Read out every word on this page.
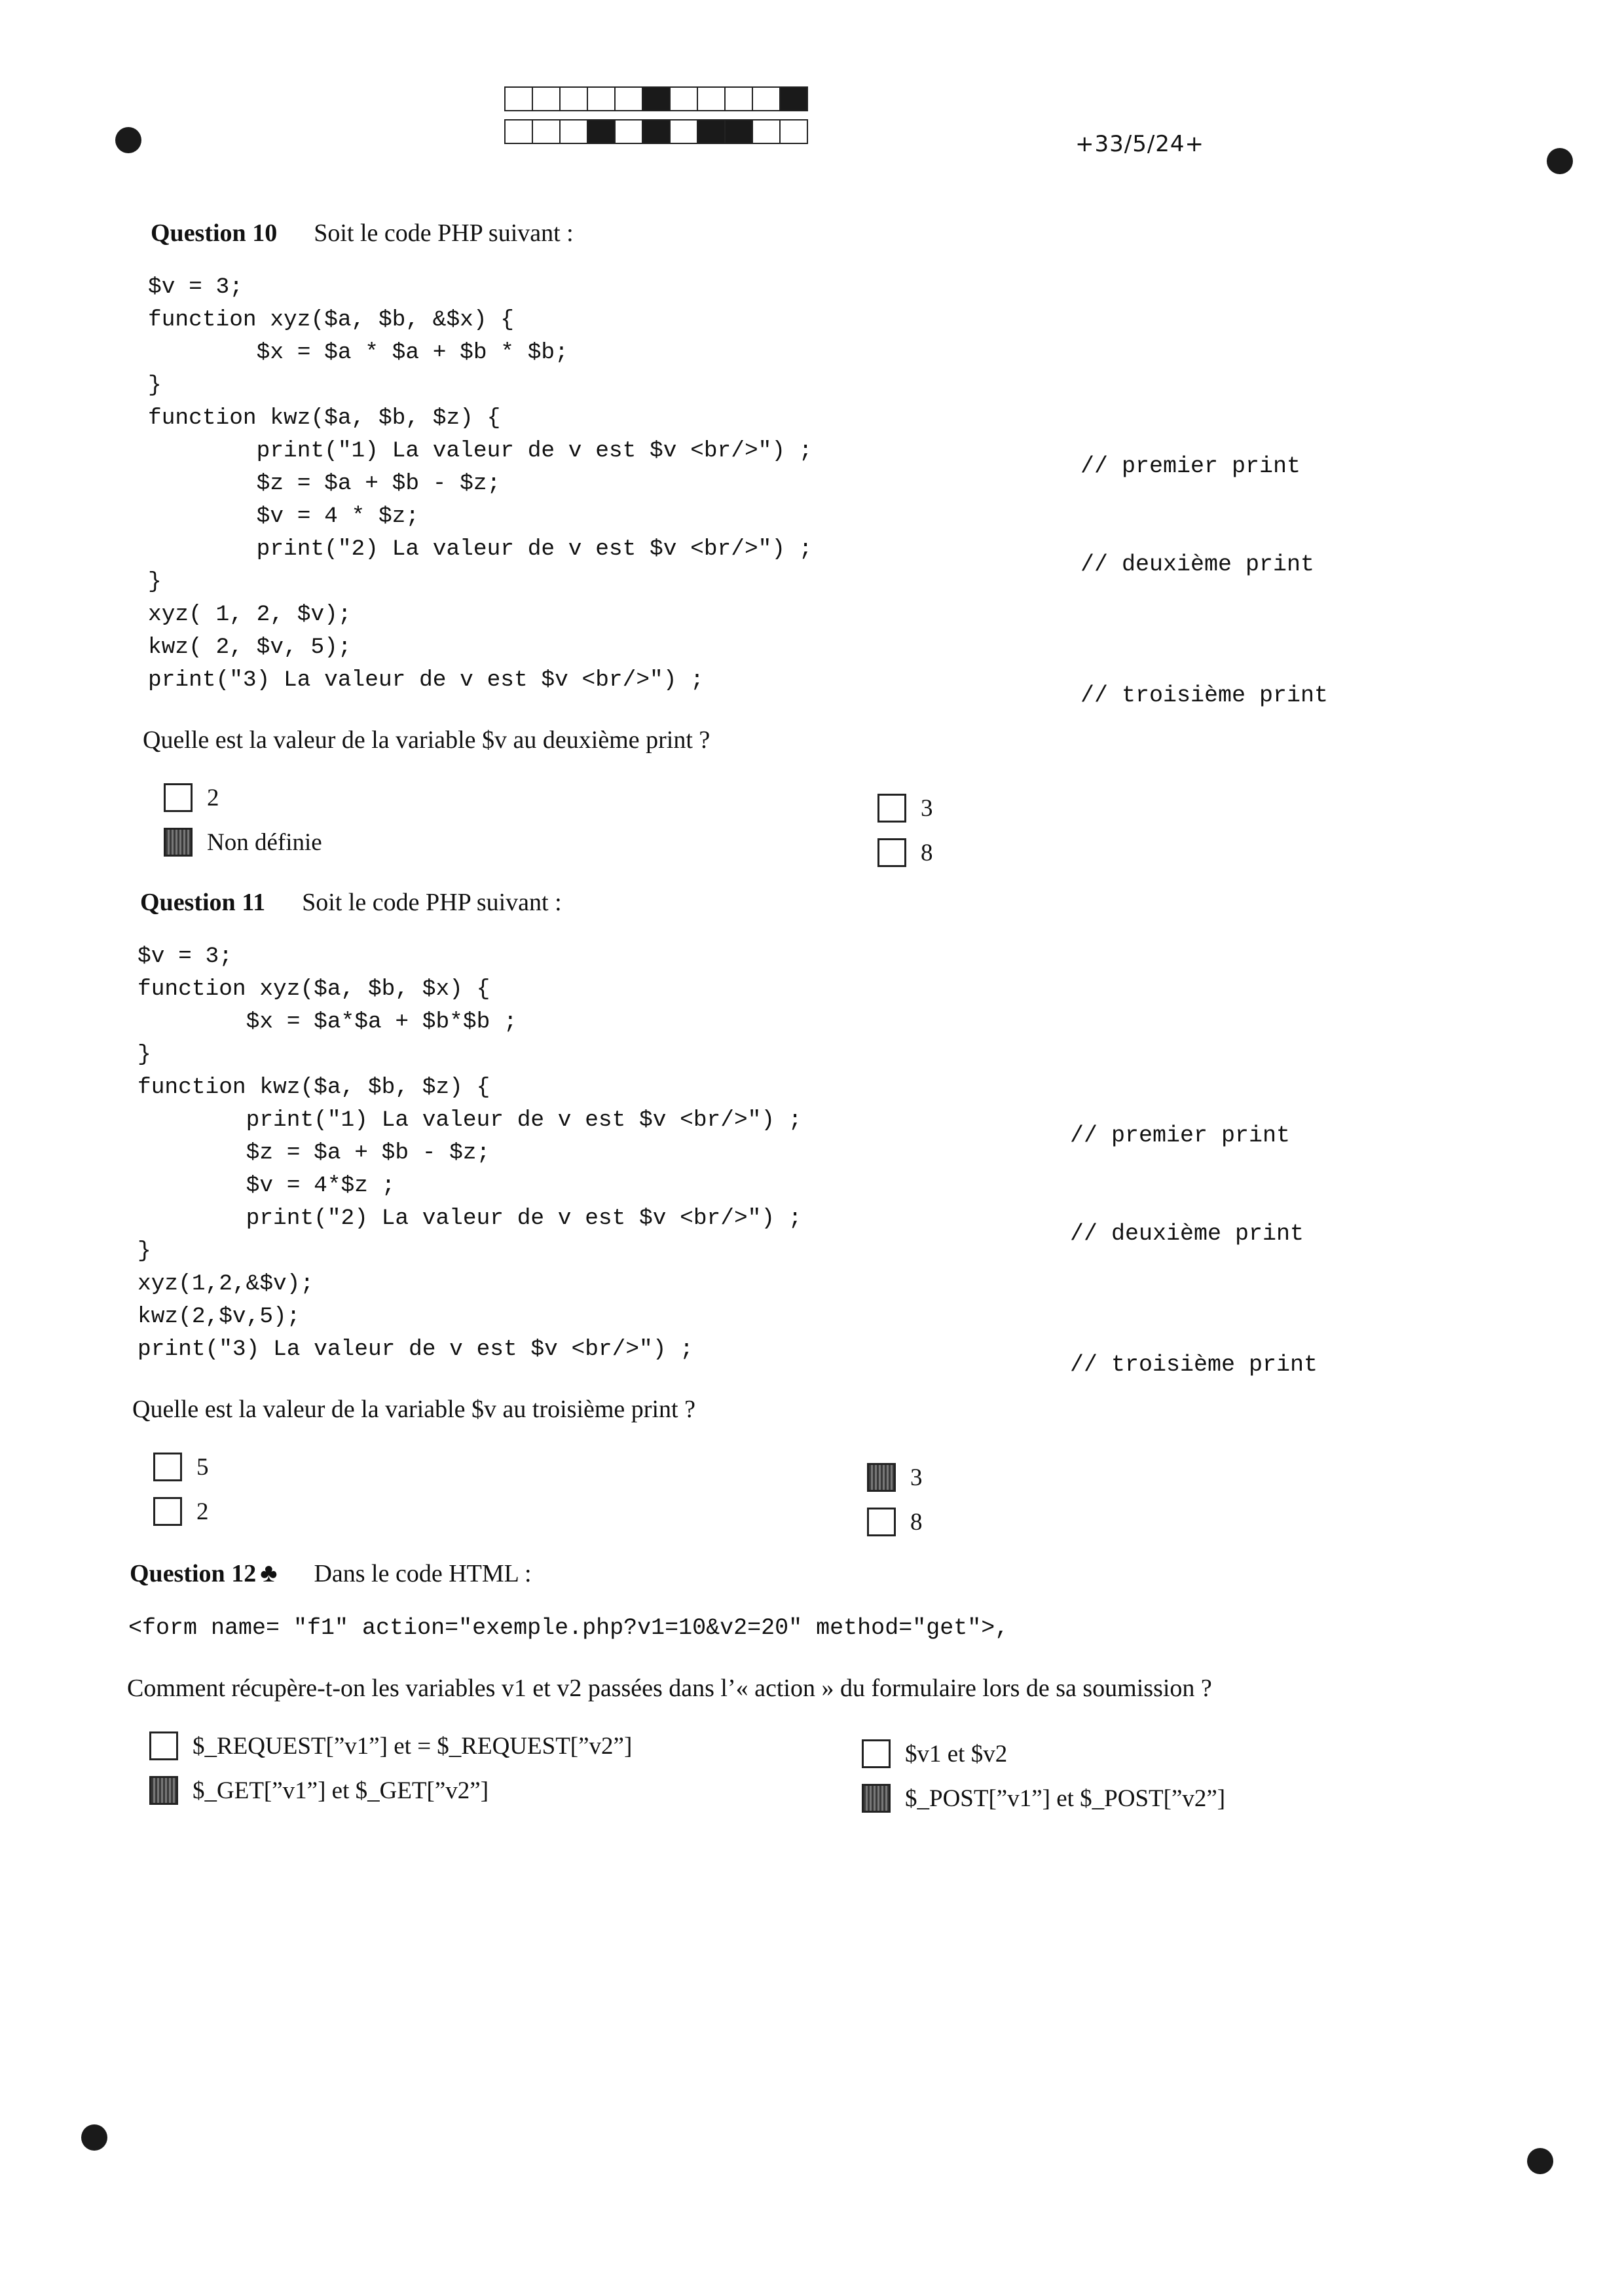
+33/5/24+
Question 10 Soit le code PHP suivant :
$v = 3;
function xyz($a, $b, &$x) {
$x = $a * $a + $b * $b;
}
function kwz($a, $b, $z) {
print("1) La valeur de v est $v <br/>") ;
$z = $a + $b - $z;
$v = 4 * $z;
print("2) La valeur de v est $v <br/>") ;
}
xyz( 1, 2, $v);
kwz( 2, $v, 5);
print("3) La valeur de v est $v <br/>") ;
// premier print
// deuxième print
// troisième print
Quelle est la valeur de la variable $v au deuxième print ?
2
Non définie
3
8
Question 11 Soit le code PHP suivant :
$v = 3;
function xyz($a, $b, $x) {
$x = $a*$a + $b*$b ;
}
function kwz($a, $b, $z) {
print("1) La valeur de v est $v <br/>") ;
$z = $a + $b - $z;
$v = 4*$z ;
print("2) La valeur de v est $v <br/>") ;
}
xyz(1,2,&$v);
kwz(2,$v,5);
print("3) La valeur de v est $v <br/>") ;
// premier print
// deuxième print
// troisième print
Quelle est la valeur de la variable $v au troisième print ?
5
2
3
8
Question 12 ♣ Dans le code HTML :
<form name= "f1" action="exemple.php?v1=10&v2=20" method="get">,
Comment récupère-t-on les variables v1 et v2 passées dans l’« action » du formulaire lors de sa soumission ?
$_REQUEST[”v1”] et = $_REQUEST[”v2”]
$_GET[”v1”] et $_GET[”v2”]
$v1 et $v2
$_POST[”v1”] et $_POST[”v2”]
